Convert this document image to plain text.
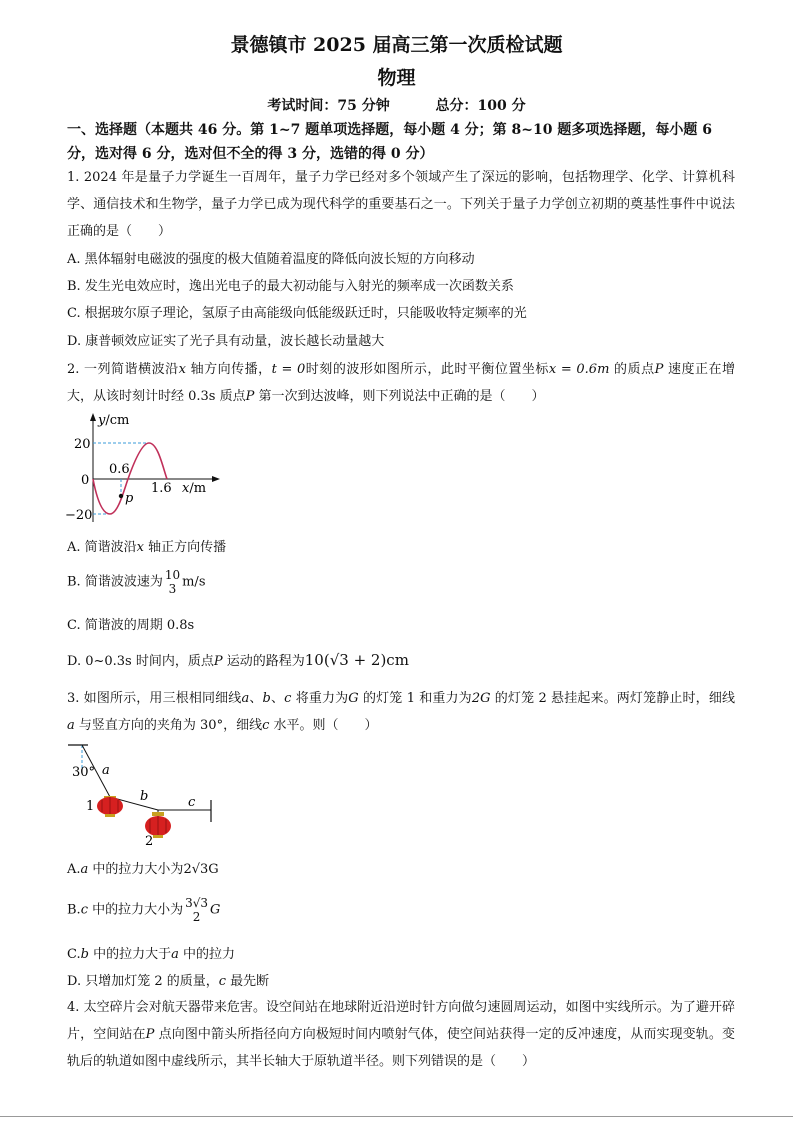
景德镇市 2025 届高三第一次质检试题
物理
考试时间：75 分钟	总分：100 分
一、选择题（本题共 46 分。第 1~7 题单项选择题，每小题 4 分；第 8~10 题多项选择题，每小题 6 分，选对得 6 分，选对但不全的得 3 分，选错的得 0 分）
1. 2024 年是量子力学诞生一百周年，量子力学已经对多个领域产生了深远的影响，包括物理学、化学、计算机科学、通信技术和生物学，量子力学已成为现代科学的重要基石之一。下列关于量子力学创立初期的奠基性事件中说法正确的是（　　）
A. 黑体辐射电磁波的强度的极大值随着温度的降低向波长短的方向移动
B. 发生光电效应时，逸出光电子的最大初动能与入射光的频率成一次函数关系
C. 根据玻尔原子理论，氢原子由高能级向低能级跃迁时，只能吸收特定频率的光
D. 康普顿效应证实了光子具有动量，波长越长动量越大
2. 一列简谐横波沿x 轴方向传播，t = 0时刻的波形如图所示，此时平衡位置坐标x = 0.6m 的质点P 速度正在增大，从该时刻计时经 0.3s 质点P 第一次到达波峰，则下列说法中正确的是（　　）
y/cm
x/m
20
0
−20
0.6
1.6
p
A. 简谐波沿x 轴正方向传播
B. 简谐波波速为 10
3 m/s
C. 简谐波的周期 0.8s
D. 0~0.3s 时间内，质点P 运动的路程为10(√3 + 2)cm
3. 如图所示，用三根相同细线a、b、c 将重力为G 的灯笼 1 和重力为2G 的灯笼 2 悬挂起来。两灯笼静止时，细线a 与竖直方向的夹角为 30°，细线c 水平。则（　　）
30° a
b	c
1
2
A.a 中的拉力大小为2√3G
B.c 中的拉力大小为 3√3
2 G
C.b 中的拉力大于a 中的拉力
D. 只增加灯笼 2 的质量，c 最先断
4. 太空碎片会对航天器带来危害。设空间站在地球附近沿逆时针方向做匀速圆周运动，如图中实线所示。为了避开碎片，空间站在P 点向图中箭头所指径向方向极短时间内喷射气体，使空间站获得一定的反冲速度，从而实现变轨。变轨后的轨道如图中虚线所示，其半长轴大于原轨道半径。则下列错误的是（　　）
